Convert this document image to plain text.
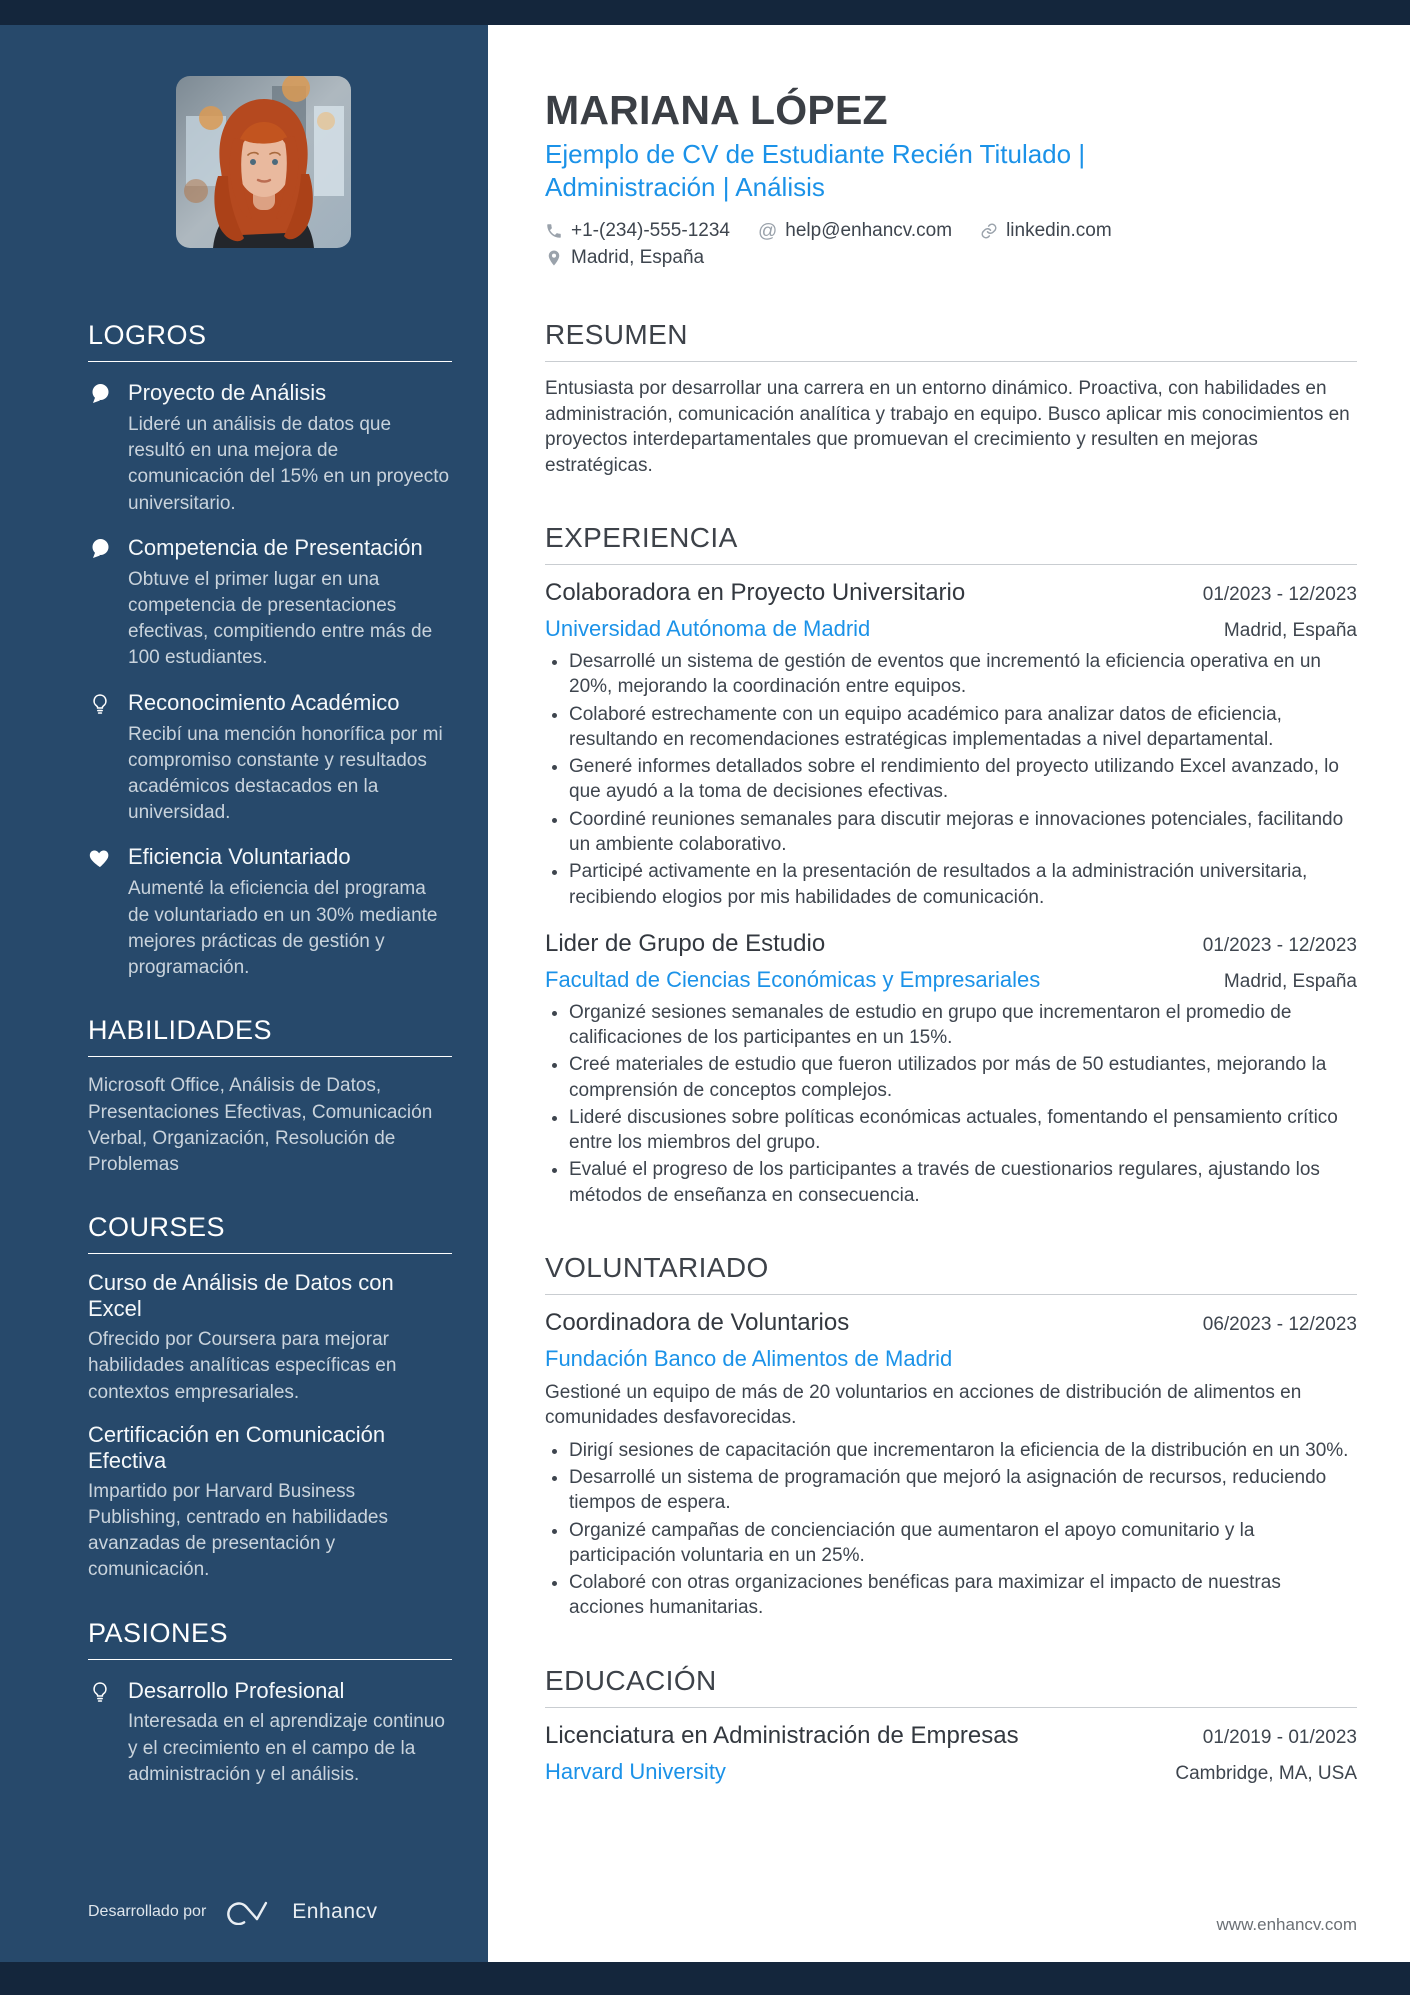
LOGROS
Proyecto de Análisis
Lideré un análisis de datos que resultó en una mejora de comunicación del 15% en un proyecto universitario.
Competencia de Presentación
Obtuve el primer lugar en una competencia de presentaciones efectivas, compitiendo entre más de 100 estudiantes.
Reconocimiento Académico
Recibí una mención honorífica por mi compromiso constante y resultados académicos destacados en la universidad.
Eficiencia Voluntariado
Aumenté la eficiencia del programa de voluntariado en un 30% mediante mejores prácticas de gestión y programación.
HABILIDADES
Microsoft Office, Análisis de Datos, Presentaciones Efectivas, Comunicación Verbal, Organización, Resolución de Problemas
COURSES
Curso de Análisis de Datos con Excel
Ofrecido por Coursera para mejorar habilidades analíticas específicas en contextos empresariales.
Certificación en Comunicación Efectiva
Impartido por Harvard Business Publishing, centrado en habilidades avanzadas de presentación y comunicación.
PASIONES
Desarrollo Profesional
Interesada en el aprendizaje continuo y el crecimiento en el campo de la administración y el análisis.
Desarrollado por	Enhancv
MARIANA LÓPEZ
Ejemplo de CV de Estudiante Recién Titulado | Administración | Análisis
+1-(234)-555-1234 @ help@enhancv.com	linkedin.com
Madrid, España
RESUMEN

Entusiasta por desarrollar una carrera en un entorno dinámico. Proactiva, con habilidades en administración, comunicación analítica y trabajo en equipo. Busco aplicar mis conocimientos en proyectos interdepartamentales que promuevan el crecimiento y resulten en mejoras estratégicas.

EXPERIENCIA
Colaboradora en Proyecto Universitario	01/2023 - 12/2023
Universidad Autónoma de Madrid	Madrid, España
• Desarrollé un sistema de gestión de eventos que incrementó la eficiencia operativa en un 20%, mejorando la coordinación entre equipos.
• Colaboré estrechamente con un equipo académico para analizar datos de eficiencia, resultando en recomendaciones estratégicas implementadas a nivel departamental.
• Generé informes detallados sobre el rendimiento del proyecto utilizando Excel avanzado, lo que ayudó a la toma de decisiones efectivas.
• Coordiné reuniones semanales para discutir mejoras e innovaciones potenciales, facilitando un ambiente colaborativo.
• Participé activamente en la presentación de resultados a la administración universitaria, recibiendo elogios por mis habilidades de comunicación.
Lider de Grupo de Estudio	01/2023 - 12/2023
Facultad de Ciencias Económicas y Empresariales	Madrid, España
• Organizé sesiones semanales de estudio en grupo que incrementaron el promedio de calificaciones de los participantes en un 15%.
• Creé materiales de estudio que fueron utilizados por más de 50 estudiantes, mejorando la comprensión de conceptos complejos.
• Lideré discusiones sobre políticas económicas actuales, fomentando el pensamiento crítico entre los miembros del grupo.
• Evalué el progreso de los participantes a través de cuestionarios regulares, ajustando los métodos de enseñanza en consecuencia.
VOLUNTARIADO
Coordinadora de Voluntarios	06/2023 - 12/2023
Fundación Banco de Alimentos de Madrid

Gestioné un equipo de más de 20 voluntarios en acciones de distribución de alimentos en comunidades desfavorecidas.

• Dirigí sesiones de capacitación que incrementaron la eficiencia de la distribución en un 30%.
• Desarrollé un sistema de programación que mejoró la asignación de recursos, reduciendo tiempos de espera.
• Organizé campañas de concienciación que aumentaron el apoyo comunitario y la participación voluntaria en un 25%.
• Colaboré con otras organizaciones benéficas para maximizar el impacto de nuestras acciones humanitarias.
EDUCACIÓN
Licenciatura en Administración de Empresas	01/2019 - 01/2023
Harvard University	Cambridge, MA, USA
www.enhancv.com
